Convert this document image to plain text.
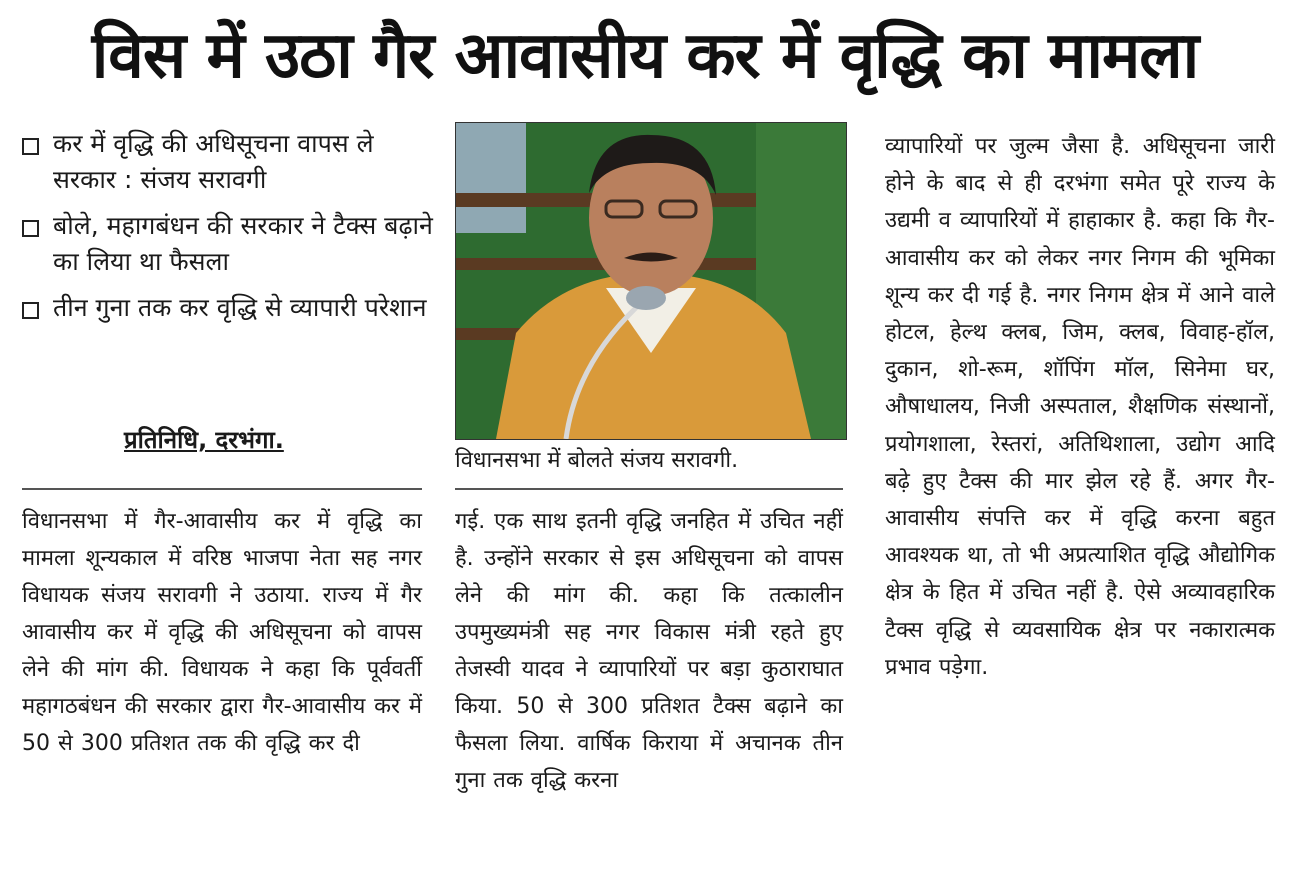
विस में उठा गैर आवासीय कर में वृद्धि का मामला
कर में वृद्धि की अधिसूचना वापस ले सरकार : संजय सरावगी
बोले, महागबंधन की सरकार ने टैक्स बढ़ाने का लिया था फैसला
तीन गुना तक कर वृद्धि से व्यापारी परेशान
प्रतिनिधि, दरभंगा.
विधानसभा में बोलते संजय सरावगी.
विधानसभा में गैर-आवासीय कर में वृद्धि का मामला शून्यकाल में वरिष्ठ भाजपा नेता सह नगर विधायक संजय सरावगी ने उठाया. राज्य में गैर आवासीय कर में वृद्धि की अधिसूचना को वापस लेने की मांग की. विधायक ने कहा कि पूर्ववर्ती महागठबंधन की सरकार द्वारा गैर-आवासीय कर में 50 से 300 प्रतिशत तक की वृद्धि कर दी
गई. एक साथ इतनी वृद्धि जनहित में उचित नहीं है. उन्होंने सरकार से इस अधिसूचना को वापस लेने की मांग की. कहा कि तत्कालीन उपमुख्यमंत्री सह नगर विकास मंत्री रहते हुए तेजस्वी यादव ने व्यापारियों पर बड़ा कुठाराघात किया. 50 से 300 प्रतिशत टैक्स बढ़ाने का फैसला लिया. वार्षिक किराया में अचानक तीन गुना तक वृद्धि करना
व्यापारियों पर जुल्म जैसा है. अधिसूचना जारी होने के बाद से ही दरभंगा समेत पूरे राज्य के उद्यमी व व्यापारियों में हाहाकार है. कहा कि गैर-आवासीय कर को लेकर नगर निगम की भूमिका शून्य कर दी गई है. नगर निगम क्षेत्र में आने वाले होटल, हेल्थ क्लब, जिम, क्लब, विवाह-हॉल, दुकान, शो-रूम, शॉपिंग मॉल, सिनेमा घर, औषाधालय, निजी अस्पताल, शैक्षणिक संस्थानों, प्रयोगशाला, रेस्तरां, अतिथिशाला, उद्योग आदि बढ़े हुए टैक्स की मार झेल रहे हैं. अगर गैर-आवासीय संपत्ति कर में वृद्धि करना बहुत आवश्यक था, तो भी अप्रत्याशित वृद्धि औद्योगिक क्षेत्र के हित में उचित नहीं है. ऐसे अव्यावहारिक टैक्स वृद्धि से व्यवसायिक क्षेत्र पर नकारात्मक प्रभाव पड़ेगा.
